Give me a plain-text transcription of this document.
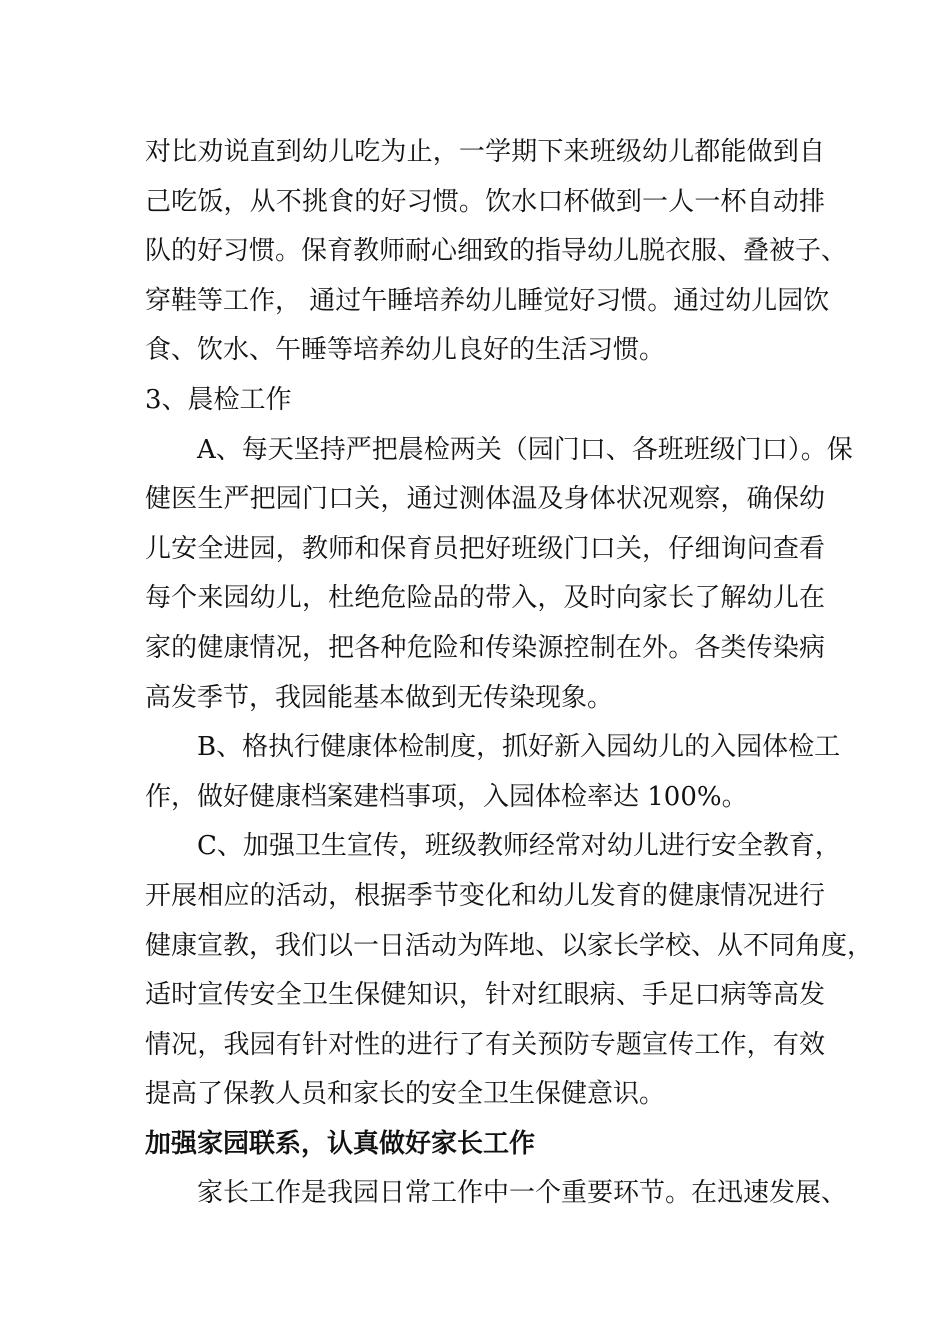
对比劝说直到幼儿吃为止，一学期下来班级幼儿都能做到自
己吃饭，从不挑食的好习惯。饮水口杯做到一人一杯自动排
队的好习惯。保育教师耐心细致的指导幼儿脱衣服、叠被子、
穿鞋等工作， 通过午睡培养幼儿睡觉好习惯。通过幼儿园饮
食、饮水、午睡等培养幼儿良好的生活习惯。
3、晨检工作
A、每天坚持严把晨检两关（园门口、各班班级门口）。保
健医生严把园门口关，通过测体温及身体状况观察，确保幼
儿安全进园，教师和保育员把好班级门口关，仔细询问查看
每个来园幼儿，杜绝危险品的带入，及时向家长了解幼儿在
家的健康情况，把各种危险和传染源控制在外。各类传染病
高发季节，我园能基本做到无传染现象。
B、格执行健康体检制度，抓好新入园幼儿的入园体检工
作，做好健康档案建档事项，入园体检率达 100%。
C、加强卫生宣传，班级教师经常对幼儿进行安全教育，
开展相应的活动，根据季节变化和幼儿发育的健康情况进行
健康宣教，我们以一日活动为阵地、以家长学校、从不同角度，
适时宣传安全卫生保健知识，针对红眼病、手足口病等高发
情况，我园有针对性的进行了有关预防专题宣传工作，有效
提高了保教人员和家长的安全卫生保健意识。
加强家园联系，认真做好家长工作
家长工作是我园日常工作中一个重要环节。在迅速发展、
